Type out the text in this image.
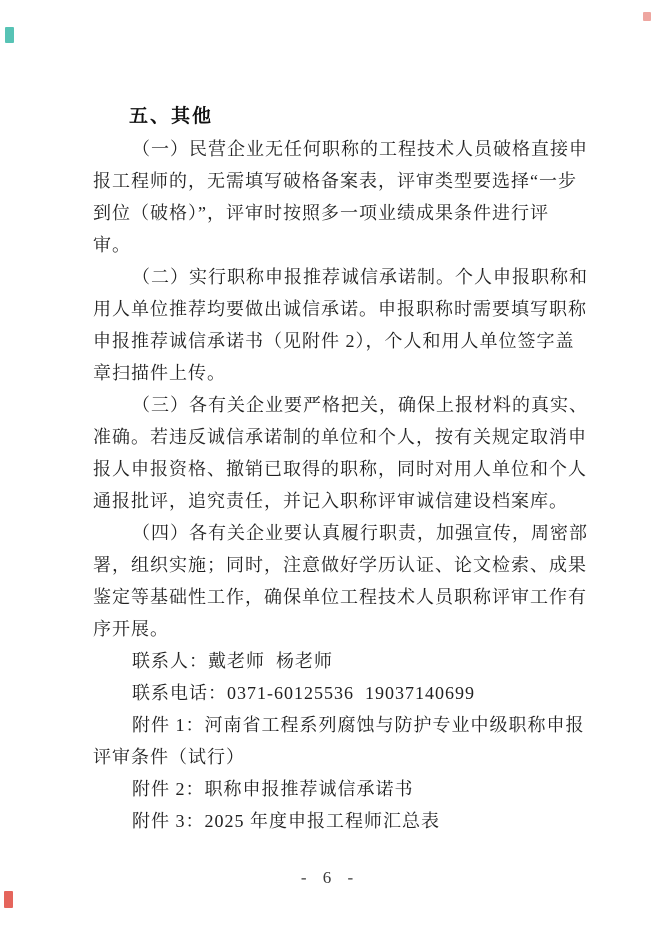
五、其他

（一）民营企业无任何职称的工程技术人员破格直接申

报工程师的，无需填写破格备案表，评审类型要选择“一步

到位（破格）”，评审时按照多一项业绩成果条件进行评

审。

（二）实行职称申报推荐诚信承诺制。个人申报职称和

用人单位推荐均要做出诚信承诺。申报职称时需要填写职称

申报推荐诚信承诺书（见附件 2），个人和用人单位签字盖

章扫描件上传。

（三）各有关企业要严格把关，确保上报材料的真实、

准确。若违反诚信承诺制的单位和个人，按有关规定取消申

报人申报资格、撤销已取得的职称，同时对用人单位和个人

通报批评，追究责任，并记入职称评审诚信建设档案库。

（四）各有关企业要认真履行职责，加强宣传，周密部

署，组织实施；同时，注意做好学历认证、论文检索、成果

鉴定等基础性工作，确保单位工程技术人员职称评审工作有

序开展。

联系人：戴老师  杨老师

联系电话：0371-60125536  19037140699

附件 1：河南省工程系列腐蚀与防护专业中级职称申报

评审条件（试行）

附件 2：职称申报推荐诚信承诺书

附件 3：2025 年度申报工程师汇总表

- 6 -
